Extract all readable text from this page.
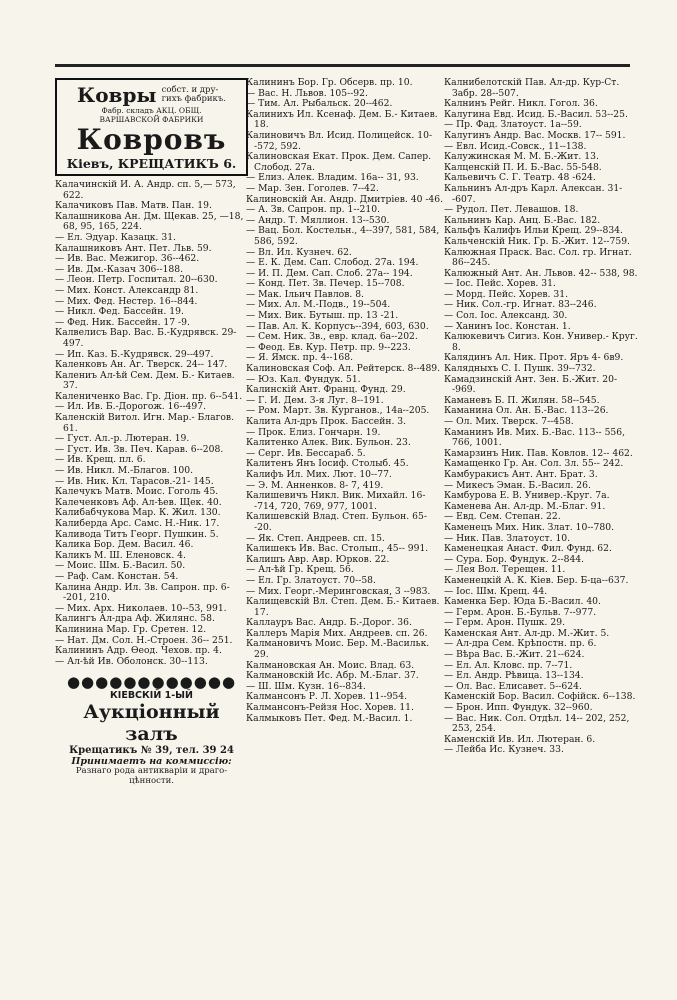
Ковры собст. и дру-
гихъ фабрикъ.
Фабр. складъ АКЦ. ОБЩ.
ВАРШАВСКОЙ ФАБРИКИ
Ковровъ
Кіевъ, КРЕЩАТИКЪ 6.
Калачинскій И. А. Андр. сп. 5,— 573, 622.
Калачиковъ Пав. Матв. Пан. 19.
Калашникова Ан. Дм. Щекав. 25, —18, 68, 95, 165, 224.
— Ел. Эдуар. Казацк. 31.
Калашниковъ Ант. Пет. Льв. 59.
— Ив. Вас. Межигор. 36--462.
— Ив. Дм.-Казач 306--188.
— Леон. Петр. Госпитал. 20--630.
— Мих. Конст. Александр 81.
— Мих. Фед. Нестер. 16--844.
— Никл. Фед. Бассейн. 19.
— Фед. Ник. Бассейн. 17 -9.
Калвелисъ Вар. Вас. Б.-Кудрявск. 29-497.
— Ип. Каз. Б.-Кудрявск. 29--497.
Каленковъ Ан. Аг. Тверск. 24-- 147.
Калениъ Ал-ѣй Сем. Дем. Б.- Китаев. 37.
Калениченко Вас. Гр. Діон. пр. 6--541.
— Ил. Ив. Б.-Дорогож. 16--497.
Каленскій Витол. Игн. Мар.- Благов. 61.
— Густ. Ал.-р. Лютеран. 19.
— Густ. Ив. Зв. Печ. Карав. 6--208.
— Ив. Крещ. пл. 6.
— Ив. Никл. М.-Благов. 100.
— Ив. Ник. Кл. Тарасов.-21- 145.
Калечукъ Матв. Моис. Гоголь 45.
Калеченковъ Аф. Ал-ѣев. Щек. 40.
Калибабчукова Мар. К. Жил. 130.
Калибердa Арс. Самс. Н.-Ник. 17.
Каливодa Титъ Георг. Пушкин. 5.
Калика Бор. Дем. Васил. 46.
Каликъ М. Ш. Еленовск. 4.
— Моис. Шм. Б.-Васил. 50.
— Раф. Сам. Констан. 54.
Калина Андр. Ил. Зв. Сапрон. пр. 6--201, 210.
— Мих. Арх. Николаев. 10--53, 991.
Калингъ Ал-дра Аф. Жилянс. 58.
Калинина Мар. Гр. Сретен. 12.
— Нат. Дм. Сол. Н.-Строен. 36-- 251.
Калининъ Адр. Ѳеод. Чехов. пр. 4.
— Ал-ѣй Ив. Оболонск. 30--113.
●●●●●●●●●●●●
КІЕВСКІЙ 1-ЫЙ
Аукціонный залъ
Крещатикъ № 39, тел. 39 24
Принимаетъ на коммиссію:
Разнаго рода антикваріи и драго- цѣнности.
Калининъ Бор. Гр. Обсерв. пр. 10.
— Вас. Н. Львов. 105--92.
— Тим. Ал. Рыбальск. 20--462.
Калинихъ Ил. Ксенаф. Дем. Б.- Китаев. 18.
Калиновичъ Вл. Исид. Полицейск. 10--572, 592.
Калиновская Екат. Прок. Дем. Сапер. Слобод. 27а.
— Елиз. Алек. Владим. 16а-- 31, 93.
— Мар. Зен. Гоголев. 7--42.
Калиновскій Ан. Андр. Дмитріев. 40 -46.
— А. Зв. Сапрон. пр. 1--210.
— Андр. Т. Мяллион. 13--530.
— Вац. Бол. Костельн., 4--397, 581, 584, 586, 592.
— Вл. Ил. Кузнеч. 62.
— Е. К. Дем. Сап. Слобод. 27а. 194.
— И. П. Дем. Сап. Слоб. 27а-- 194.
— Конд. Пет. Зв. Печер. 15--708.
— Мак. Ільич Павлов. 8.
— Мих. Ал. М.-Подв., 19--504.
— Мих. Вик. Бутыш. пр. 13 -21.
— Пав. Ал. К. Корпусъ--394, 603, 630.
— Сем. Ник. Зв., евр. клад. 6а--202.
— Феод. Ев. Кур. Петр. пр. 9--223.
— Я. Ямск. пр. 4--168.
Калиновская Соф. Ал. Рейтерск. 8--489.
— Юз. Кал. Фундук. 51.
Калинскій Ант. Франц. Фунд. 29.
— Г. И. Дем. 3-я Луг. 8--191.
— Ром. Март. Зв. Курганов., 14а--205.
Калита Ал-дръ Прок. Бассейн. 3.
— Прок. Елиз. Гончарн. 19.
Калитенко Алек. Вик. Бульон. 23.
— Серг. Ив. Бессараб. 5.
Калитенъ Янъ Іосиф. Столыб. 45.
Калифъ Ил. Мих. Лют. 10--77.
— Э. М. Анненков. 8- 7, 419.
Калишевичъ Никл. Вик. Михайл. 16--714, 720, 769, 977, 1001.
Калишевскій Влад. Степ. Бульон. 65--20.
— Як. Степ. Андреев. сп. 15.
Калишекъ Ив. Вас. Столып., 45-- 991.
Калишъ Авр. Авр. Юрков. 22.
— Ал-ѣй Гр. Крещ. 56.
— Ел. Гр. Златоуст. 70--58.
— Мих. Георг.-Меринговская, 3 --983.
Калищевскій Вл. Степ. Дем. Б.- Китаев. 17.
Каллауръ Вас. Андр. Б.-Дорог. 36.
Каллеръ Марія Мих. Андреев. сп. 26.
Калмановичъ Моис. Бер. М.-Васильк. 29.
Калмановская Ан. Моис. Влад. 63.
Калмановскій Ис. Абр. М.-Благ. 37.
— Ш. Шм. Кузн. 16--834.
Калмансонъ Р. Л. Хорев. 11--954.
Калмансонъ-Рейзя Нос. Хорев. 11.
Калмыковъ Пет. Фед. М.-Васил. 1.
Калнибелотскій Пав. Ал-др. Кур-Ст. Забр. 28--507.
Калнинъ Рейг. Никл. Гогол. 36.
Калугина Евд. Исид. Б.-Васил. 53--25.
— Пр. Фад. Златоуст. 1а--59.
Калугинъ Андр. Вас. Москв. 17-- 591.
— Евл. Исид.-Совск., 11--138.
Калужинская М. М. Б.-Жит. 13.
Калценскій П. И. Б.-Вас. 55-548.
Кальевичъ С. Г. Театр. 48 -624.
Кальнинъ Ал-дръ Карл. Алексан. 31--607.
— Рудол. Пет. Левашов. 18.
Кальнинъ Кар. Анц. Б.-Вас. 182.
Кальфъ Калифъ Ильи Крещ. 29--834.
Кальченскій Ник. Гр. Б.-Жит. 12--759.
Калюжная Праск. Вас. Сол. гр. Игнат. 86--245.
Калюжный Ант. Ан. Львов. 42-- 538, 98.
— Іос. Пейс. Хорев. 31.
— Морд. Пейс. Хорев. 31.
— Ник. Сол.-гр. Игнат. 83--246.
— Сол. Іос. Александ. 30.
— Ханинъ Іос. Констан. 1.
Калюкевичъ Сигиз. Кон. Универ.- Круг. 8.
Калядинъ Ал. Ник. Прот. Яръ 4- 6в9.
Калядныхъ С. І. Пушк. 39--732.
Камадзинскій Ант. Зен. Б.-Жит. 20--969.
Каманевъ Б. П. Жилян. 58--545.
Каманина Ол. Ан. Б.-Вас. 113--26.
— Ол. Мих. Тверск. 7--458.
Каманинъ Ив. Мих. Б.-Вас. 113-- 556, 766, 1001.
Камарзинъ Ник. Пав. Ковлов. 12-- 462.
Камащенко Гр. Ан. Сол. 3л. 55-- 242.
Камбуракисъ Ант. Ант. Брат. 3.
— Микесъ Эман. Б.-Васил. 26.
Камбурова Е. В. Универ.-Круг. 7а.
Каменева Ан. Ал-др. М.-Благ. 91.
— Евд. Сем. Степан. 22.
Каменецъ Мих. Ник. Злат. 10--780.
— Ник. Пав. Златоуст. 10.
Каменецкая Анаст. Фил. Фунд. 62.
— Сура. Бор. Фундук. 2--844.
— Лея Вол. Терещен. 11.
Каменецкій А. К. Кіев. Бер. Б-ца--637.
— Іос. Шм. Крещ. 44.
Каменка Бер. Юда Б.-Васил. 40.
— Герм. Арон. Б.-Бульв. 7--977.
— Герм. Арон. Пушк. 29.
Каменская Ант. Ал-др. М.-Жит. 5.
— Ал-дра Сем. Крѣпостн. пр. 6.
— Вѣра Вас. Б.-Жит. 21--624.
— Ел. Ал. Кловс. пр. 7--71.
— Ел. Андр. Рѣвица. 13--134.
— Ол. Вас. Елисавет. 5--624.
Каменскій Бор. Васил. Софійск. 6--138.
— Брон. Ипп. Фундук. 32--960.
— Вас. Ник. Сол. Отдѣл. 14-- 202, 252, 253, 254.
Каменскій Ив. Ил. Лютеран. 6.
— Лейба Ис. Кузнеч. 33.
